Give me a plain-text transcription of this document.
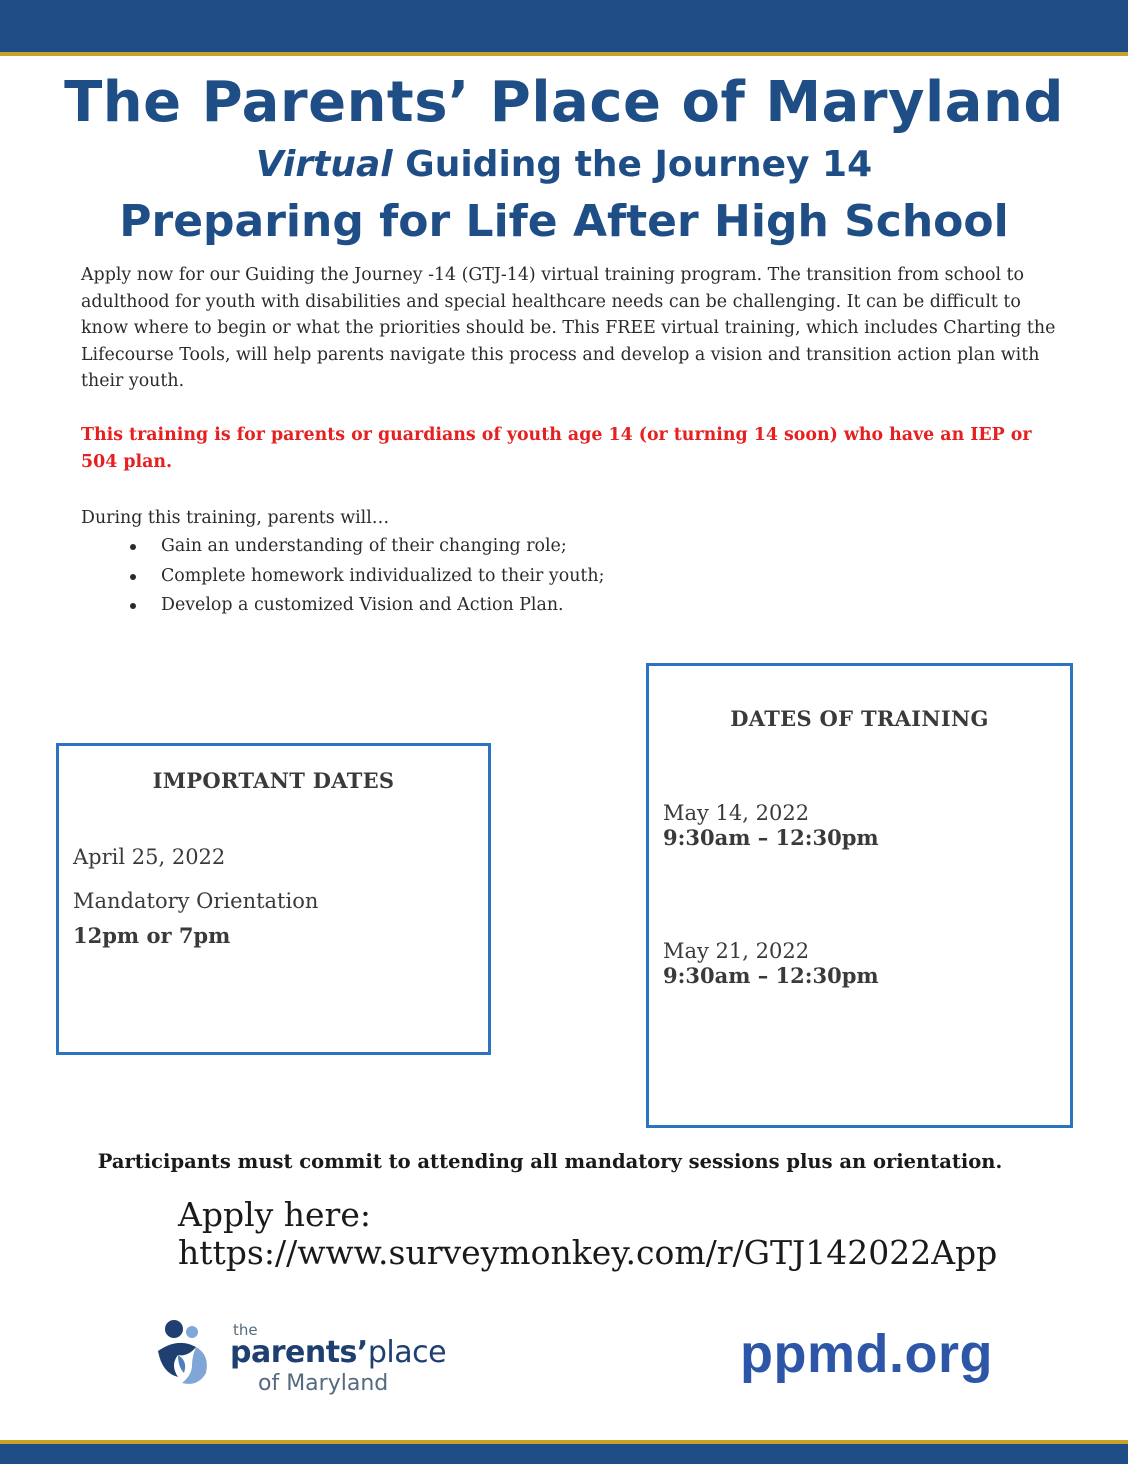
The Parents’ Place of Maryland
Virtual Guiding the Journey 14
Preparing for Life After High School

Apply now for our Guiding the Journey -14 (GTJ-14) virtual training program. The transition from school to adulthood for youth with disabilities and special healthcare needs can be challenging. It can be difficult to know where to begin or what the priorities should be. This FREE virtual training, which includes Charting the Lifecourse Tools, will help parents navigate this process and develop a vision and transition action plan with their youth.

This training is for parents or guardians of youth age 14 (or turning 14 soon) who have an IEP or 504 plan.

During this training, parents will…

Gain an understanding of their changing role;
Complete homework individualized to their youth;
Develop a customized Vision and Action Plan.
IMPORTANT DATES
April 25, 2022
Mandatory Orientation
12pm or 7pm
DATES OF TRAINING
May 14, 2022
9:30am – 12:30pm
May 21, 2022
9:30am – 12:30pm
Participants must commit to attending all mandatory sessions plus an orientation.
Apply here:
https://www.surveymonkey.com/r/GTJ142022App
the
parents’place
of Maryland	ppmd.org
